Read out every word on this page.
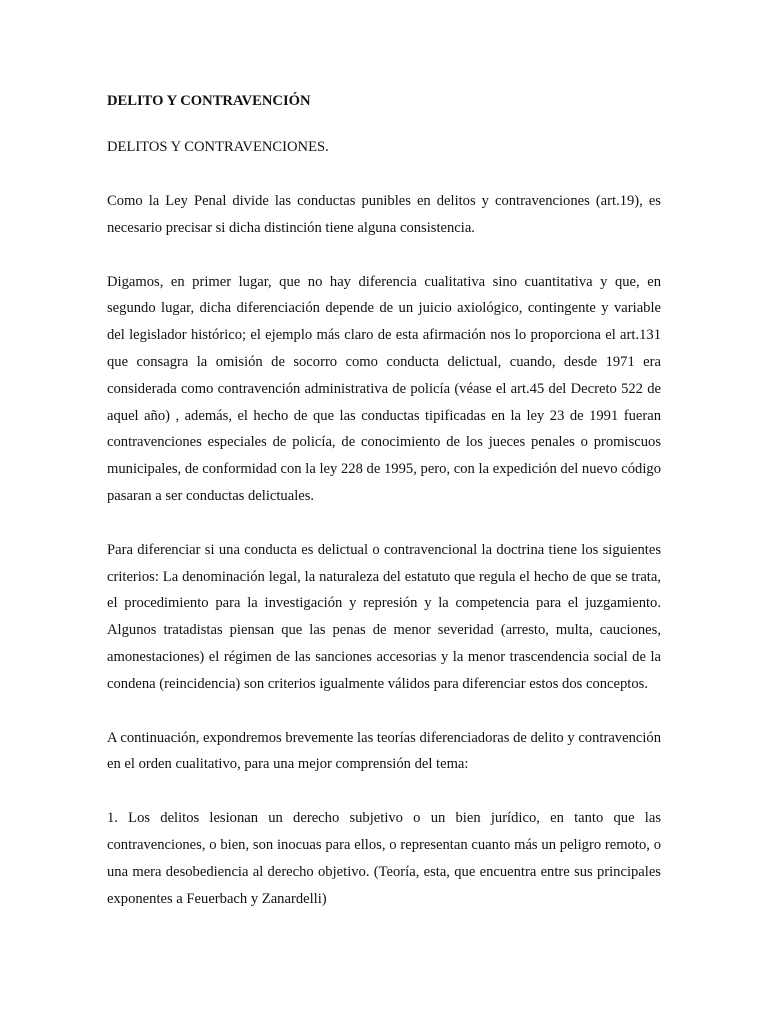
DELITO Y CONTRAVENCIÓN
DELITOS Y CONTRAVENCIONES.

Como la Ley Penal divide las conductas punibles en delitos y contravenciones (art.19), es necesario precisar si dicha distinción tiene alguna consistencia.

Digamos, en primer lugar, que no hay diferencia cualitativa sino cuantitativa y que, en segundo lugar, dicha diferenciación depende de un juicio axiológico, contingente y variable del legislador histórico; el ejemplo más claro de esta afirmación nos lo proporciona el art.131 que consagra la omisión de socorro como conducta delictual, cuando, desde 1971 era considerada como contravención administrativa de policía (véase el art.45 del Decreto 522 de aquel año) , además, el hecho de que las conductas tipificadas en la ley 23 de 1991 fueran contravenciones especiales de policía, de conocimiento de los jueces penales o promiscuos municipales, de conformidad con la ley 228 de 1995, pero, con la expedición del nuevo código pasaran a ser conductas delictuales.

Para diferenciar si una conducta es delictual o contravencional la doctrina tiene los siguientes criterios: La denominación legal, la naturaleza del estatuto que regula el hecho de que se trata, el procedimiento para la investigación y represión y la competencia para el juzgamiento. Algunos tratadistas piensan que las penas de menor severidad (arresto, multa, cauciones, amonestaciones) el régimen de las sanciones accesorias y la menor trascendencia social de la condena (reincidencia) son criterios igualmente válidos para diferenciar estos dos conceptos.

A continuación, expondremos brevemente las teorías diferenciadoras de delito y contravención en el orden cualitativo, para una mejor comprensión del tema:

1. Los delitos lesionan un derecho subjetivo o un bien jurídico, en tanto que las contravenciones, o bien, son inocuas para ellos, o representan cuanto más un peligro remoto, o una mera desobediencia al derecho objetivo. (Teoría, esta, que encuentra entre sus principales exponentes a Feuerbach y Zanardelli)
